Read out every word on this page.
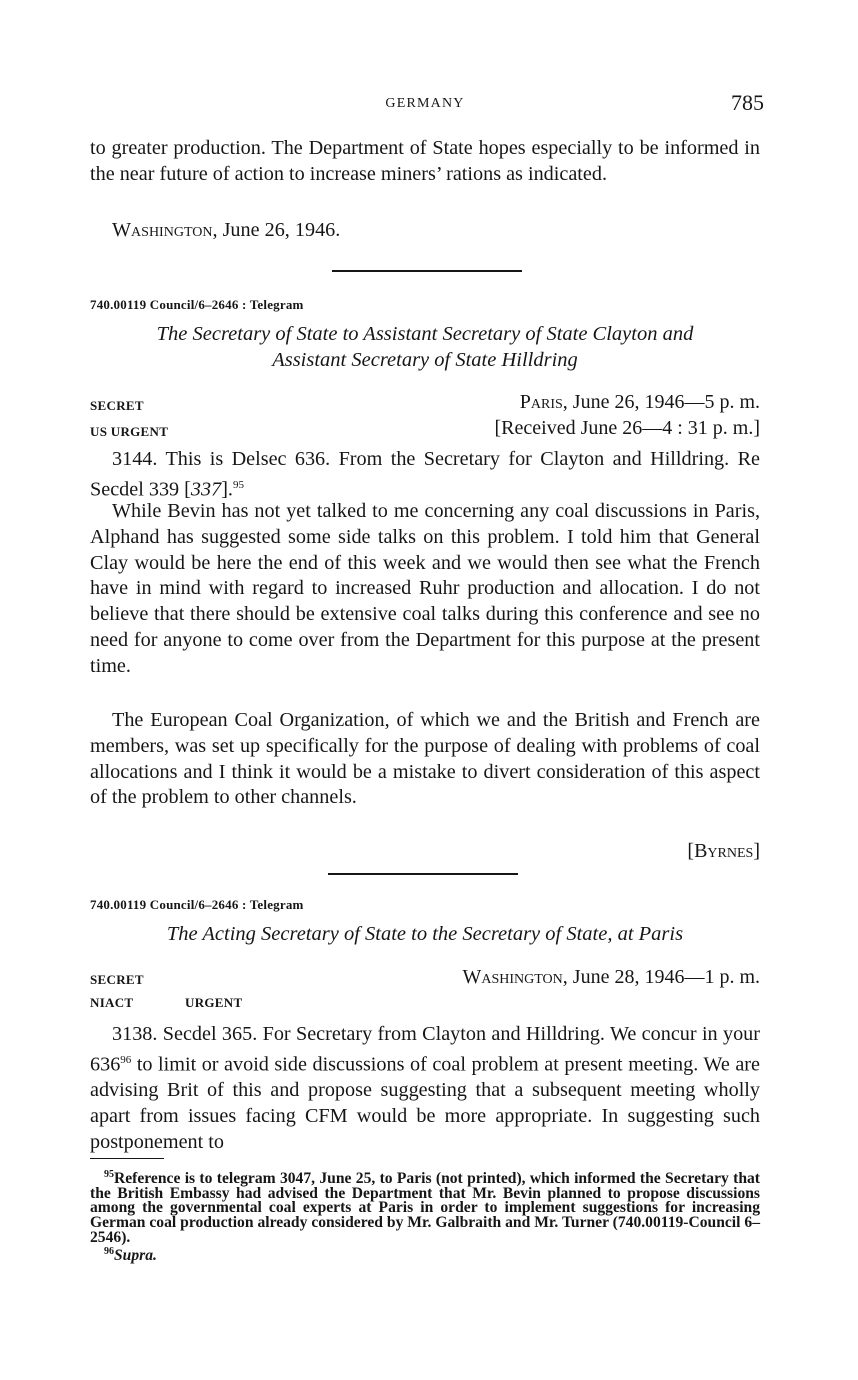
GERMANY	785

to greater production. The Department of State hopes especially to be informed in the near future of action to increase miners’ rations as indicated.

Washington, June 26, 1946.

740.00119 Council/6–2646 : Telegram

The Secretary of State to Assistant Secretary of State Clayton and

Assistant Secretary of State Hilldring

SECRET	Paris, June 26, 1946—5 p. m.
US URGENT	[Received June 26—4 : 31 p. m.]

3144. This is Delsec 636. From the Secretary for Clayton and Hilldring. Re Secdel 339 [337].$^{95}$

While Bevin has not yet talked to me concerning any coal discussions in Paris, Alphand has suggested some side talks on this problem. I told him that General Clay would be here the end of this week and we would then see what the French have in mind with regard to increased Ruhr production and allocation. I do not believe that there should be extensive coal talks during this conference and see no need for anyone to come over from the Department for this purpose at the present time.

The European Coal Organization, of which we and the British and French are members, was set up specifically for the purpose of dealing with problems of coal allocations and I think it would be a mistake to divert consideration of this aspect of the problem to other channels.

[Byrnes]
740.00119 Council/6–2646 : Telegram

The Acting Secretary of State to the Secretary of State, at Paris

SECRET	Washington, June 28, 1946—1 p. m.
NIACT	URGENT

3138. Secdel 365. For Secretary from Clayton and Hilldring. We concur in your $636^{96}$ to limit or avoid side discussions of coal problem at present meeting. We are advising Brit of this and propose suggesting that a subsequent meeting wholly apart from issues facing CFM would be more appropriate. In suggesting such postponement to

$^{95}$Reference is to telegram 3047, June 25, to Paris (not printed), which informed the Secretary that the British Embassy had advised the Department that Mr. Bevin planned to propose discussions among the governmental coal experts at Paris in order to implement suggestions for increasing German coal production already considered by Mr. Galbraith and Mr. Turner (740.00119-Council 6–2546).

$^{96}$Supra.
